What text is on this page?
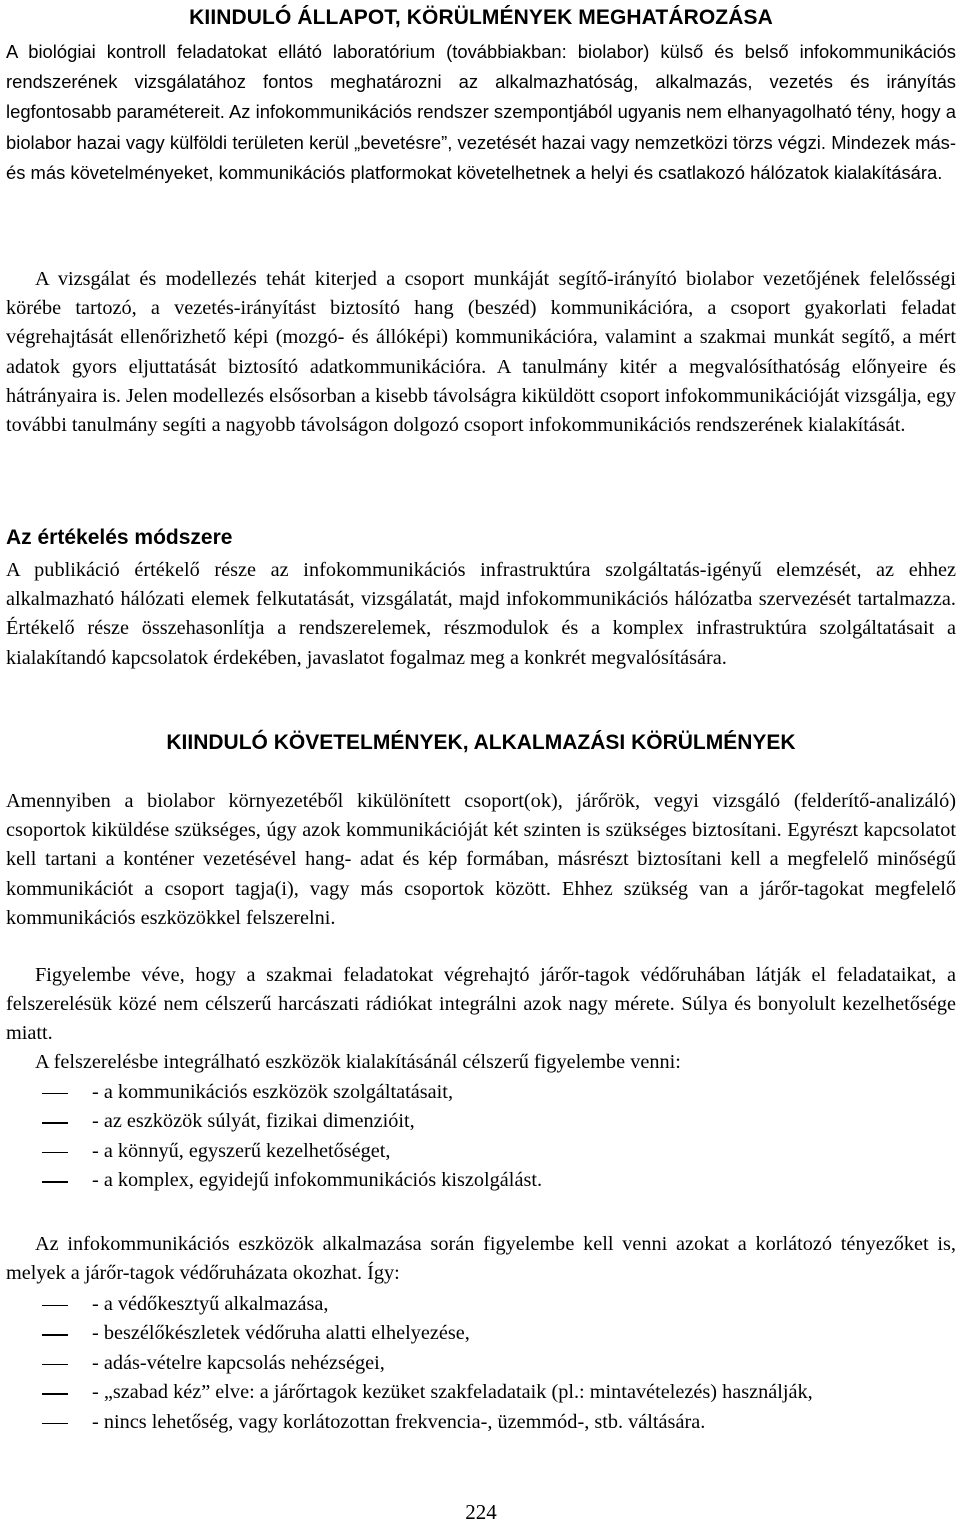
KIINDULÓ ÁLLAPOT, KÖRÜLMÉNYEK MEGHATÁROZÁSA
A biológiai kontroll feladatokat ellátó laboratórium (továbbiakban: biolabor) külső és belső infokommunikációs rendszerének vizsgálatához fontos meghatározni az alkalmazhatóság, alkalmazás, vezetés és irányítás legfontosabb paramétereit. Az infokommunikációs rendszer szempontjából ugyanis nem elhanyagolható tény, hogy a biolabor hazai vagy külföldi területen kerül „bevetésre”, vezetését hazai vagy nemzetközi törzs végzi. Mindezek más-és más követelményeket, kommunikációs platformokat követelhetnek a helyi és csatlakozó hálózatok kialakítására.
A vizsgálat és modellezés tehát kiterjed a csoport munkáját segítő-irányító biolabor vezetőjének felelősségi körébe tartozó, a vezetés-irányítást biztosító hang (beszéd) kommunikációra, a csoport gyakorlati feladat végrehajtását ellenőrizhető képi (mozgó- és állóképi) kommunikációra, valamint a szakmai munkát segítő, a mért adatok gyors eljuttatását biztosító adatkommunikációra. A tanulmány kitér a megvalósíthatóság előnyeire és hátrányaira is. Jelen modellezés elsősorban a kisebb távolságra kiküldött csoport infokommunikációját vizsgálja, egy további tanulmány segíti a nagyobb távolságon dolgozó csoport infokommunikációs rendszerének kialakítását.
Az értékelés módszere
A publikáció értékelő része az infokommunikációs infrastruktúra szolgáltatás-igényű elemzését, az ehhez alkalmazható hálózati elemek felkutatását, vizsgálatát, majd infokommunikációs hálózatba szervezését tartalmazza. Értékelő része összehasonlítja a rendszerelemek, részmodulok és a komplex infrastruktúra szolgáltatásait a kialakítandó kapcsolatok érdekében, javaslatot fogalmaz meg a konkrét megvalósítására.
KIINDULÓ KÖVETELMÉNYEK, ALKALMAZÁSI KÖRÜLMÉNYEK
Amennyiben a biolabor környezetéből kikülönített csoport(ok), járőrök, vegyi vizsgáló (felderítő-analizáló) csoportok kiküldése szükséges, úgy azok kommunikációját két szinten is szükséges biztosítani. Egyrészt kapcsolatot kell tartani a konténer vezetésével hang- adat és kép formában, másrészt biztosítani kell a megfelelő minőségű kommunikációt a csoport tagja(i), vagy más csoportok között. Ehhez szükség van a járőr-tagokat megfelelő kommunikációs eszközökkel felszerelni.
Figyelembe véve, hogy a szakmai feladatokat végrehajtó járőr-tagok védőruhában látják el feladataikat, a felszerelésük közé nem célszerű harcászati rádiókat integrálni azok nagy mérete. Súlya és bonyolult kezelhetősége miatt.
A felszerelésbe integrálható eszközök kialakításánál célszerű figyelembe venni:
- a kommunikációs eszközök szolgáltatásait,
- az eszközök súlyát, fizikai dimenzióit,
- a könnyű, egyszerű kezelhetőséget,
- a komplex, egyidejű infokommunikációs kiszolgálást.
Az infokommunikációs eszközök alkalmazása során figyelembe kell venni azokat a korlátozó tényezőket is, melyek a járőr-tagok védőruházata okozhat. Így:
- a védőkesztyű alkalmazása,
- beszélőkészletek védőruha alatti elhelyezése,
- adás-vételre kapcsolás nehézségei,
- „szabad kéz” elve: a járőrtagok kezüket szakfeladataik (pl.: mintavételezés) használják,
- nincs lehetőség, vagy korlátozottan frekvencia-, üzemmód-, stb. váltására.
224
